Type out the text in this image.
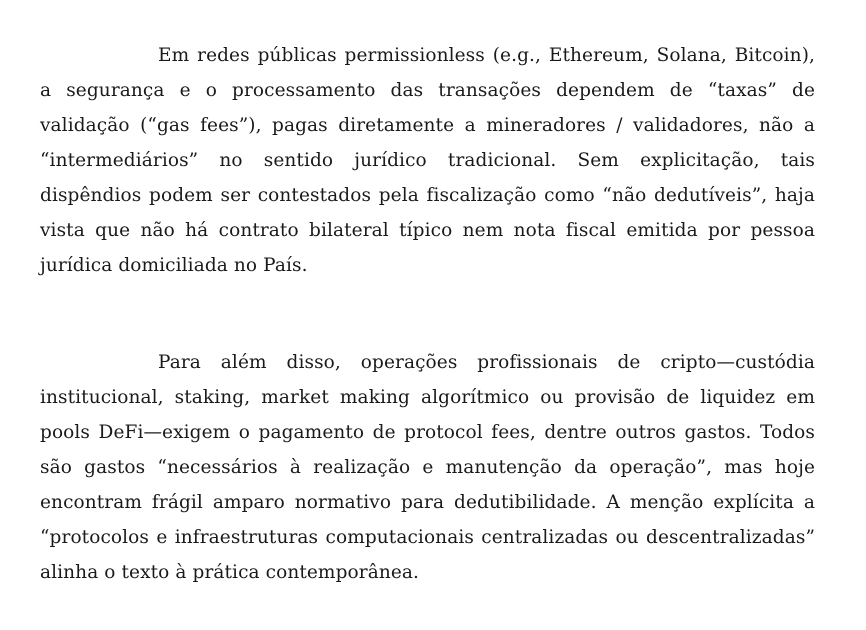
Em redes públicas permissionless (e.g., Ethereum, Solana, Bitcoin), a segurança e o processamento das transações dependem de “taxas” de validação (“gas fees”), pagas diretamente a mineradores / validadores, não a “intermediários” no sentido jurídico tradicional. Sem explicitação, tais dispêndios podem ser contestados pela fiscalização como “não dedutíveis”, haja vista que não há contrato bilateral típico nem nota fiscal emitida por pessoa jurídica domiciliada no País.

Para além disso, operações profissionais de cripto—custódia institucional, staking, market making algorítmico ou provisão de liquidez em pools DeFi—exigem o pagamento de protocol fees, dentre outros gastos. Todos são gastos “necessários à realização e manutenção da operação”, mas hoje encontram frágil amparo normativo para dedutibilidade. A menção explícita a “protocolos e infraestruturas computacionais centralizadas ou descentralizadas” alinha o texto à prática contemporânea.
